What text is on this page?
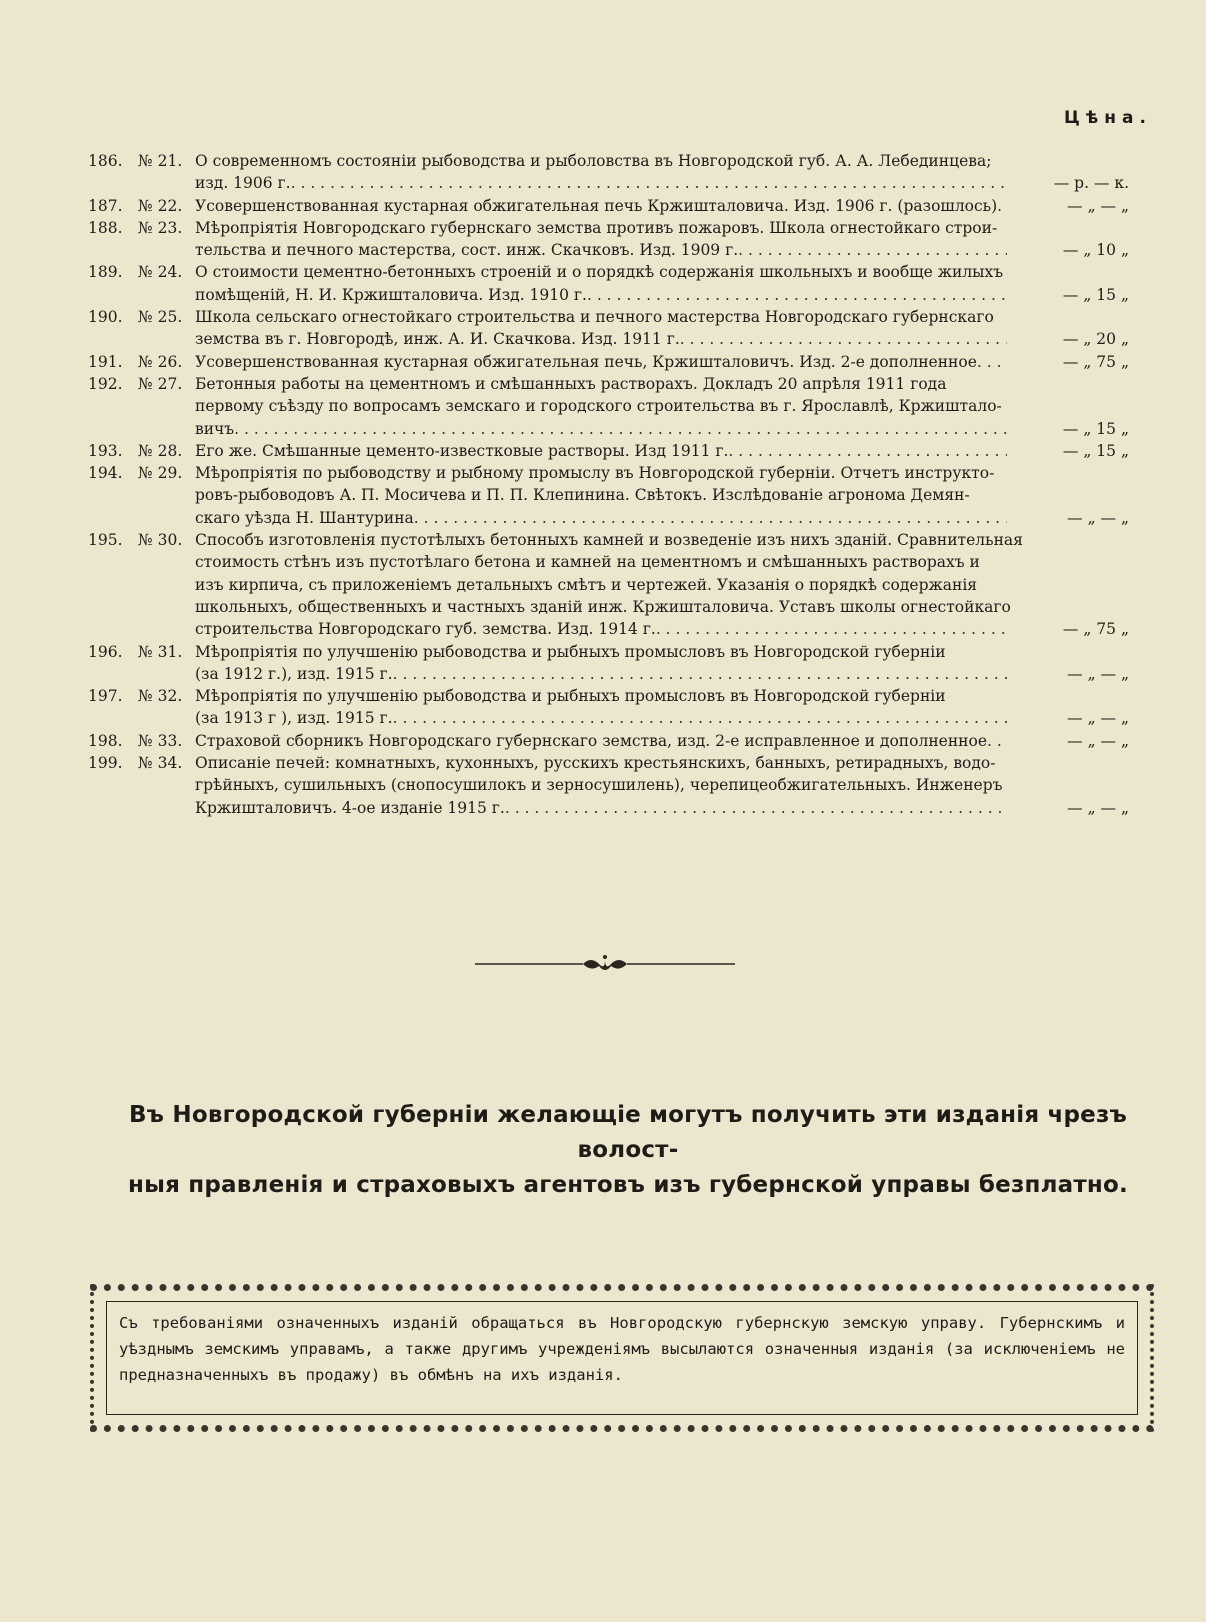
Цѣна.
186. № 21. О современномъ состояніи рыбоводства и рыболовства въ Новгородской губ. А. А. Лебединцева;
изд. 1906 г. . . .	— р. — к.
187. № 22. Усовершенствованная кустарная обжигательная печь Кржишталовича. Изд. 1906 г. (разошлось) . . .	— „ — „
188. № 23. Мѣропріятія Новгородскаго губернскаго земства противъ пожаровъ. Школа огнестойкаго строи-
тельства и печного мастерства, сост. инж. Скачковъ. Изд. 1909 г. . . .	— „ 10 „
189. № 24. О стоимости цементно-бетонныхъ строеній и о порядкѣ содержанія школьныхъ и вообще жилыхъ
помѣщеній, Н. И. Кржишталовича. Изд. 1910 г. . . .	— „ 15 „
190. № 25. Школа сельскаго огнестойкаго строительства и печного мастерства Новгородскаго губернскаго
земства въ г. Новгородѣ, инж. А. И. Скачкова. Изд. 1911 г. . . .	— „ 20 „
191. № 26. Усовершенствованная кустарная обжигательная печь, Кржишталовичъ. Изд. 2-е дополненное . . .	— „ 75 „
192. № 27. Бетонныя работы на цементномъ и смѣшанныхъ растворахъ. Докладъ 20 апрѣля 1911 года
первому съѣзду по вопросамъ земскаго и городского строительства въ г. Ярославлѣ, Кржишталo-
вичъ . . .	— „ 15 „
193. № 28. Его же. Смѣшанные цементо-известковые растворы. Изд 1911 г. . . .	— „ 15 „
194. № 29. Мѣропріятія по рыбоводству и рыбному промыслу въ Новгородской губерніи. Отчетъ инструкто-
ровъ-рыбоводовъ А. П. Мосичева и П. П. Клепинина. Свѣтокъ. Изслѣдованіе агронома Демян-
скаго уѣзда Н. Шантурина . . .	— „ — „
195. № 30. Способъ изготовленія пустотѣлыхъ бетонныхъ камней и возведеніе изъ нихъ зданій. Сравнительная
стоимость стѣнъ изъ пустотѣлаго бетона и камней на цементномъ и смѣшанныхъ растворахъ и
изъ кирпича, съ приложеніемъ детальныхъ смѣтъ и чертежей. Указанія о порядкѣ содержанія
школьныхъ, общественныхъ и частныхъ зданій инж. Кржишталовича. Уставъ школы огнестойкаго
строительства Новгородскаго губ. земства. Изд. 1914 г. . . .	— „ 75 „
196. № 31. Мѣропріятія по улучшенію рыбоводства и рыбныхъ промысловъ въ Новгородской губерніи
(за 1912 г.), изд. 1915 г. . . .	— „ — „
197. № 32. Мѣропріятія по улучшенію рыбоводства и рыбныхъ промысловъ въ Новгородской губерніи
(за 1913 г ), изд. 1915 г. . . .	— „ — „
198. № 33. Страховой сборникъ Новгородскаго губернскаго земства, изд. 2-е исправленное и дополненное . . .	— „ — „
199. № 34. Описаніе печей: комнатныхъ, кухонныхъ, русскихъ крестьянскихъ, банныхъ, ретирадныхъ, водо-
грѣйныхъ, сушильныхъ (снопосушилокъ и зерносушилень), черепицеобжигательныхъ. Инженеръ
Кржишталовичъ. 4-ое изданіе 1915 г. . . .	— „ — „
Въ Новгородской губерніи желающіе могутъ получить эти изданія чрезъ волост-
ныя правленія и страховыхъ агентовъ изъ губернской управы безплатно.
Съ требованіями означенныхъ изданій обращаться въ Новгородскую губернскую земскую управу. Губернскимъ и уѣзднымъ земскимъ управамъ, а также другимъ учрежденіямъ высылаются означенныя изданія (за исключеніемъ не предназначенныхъ въ продажу) въ обмѣнъ на ихъ изданія.
